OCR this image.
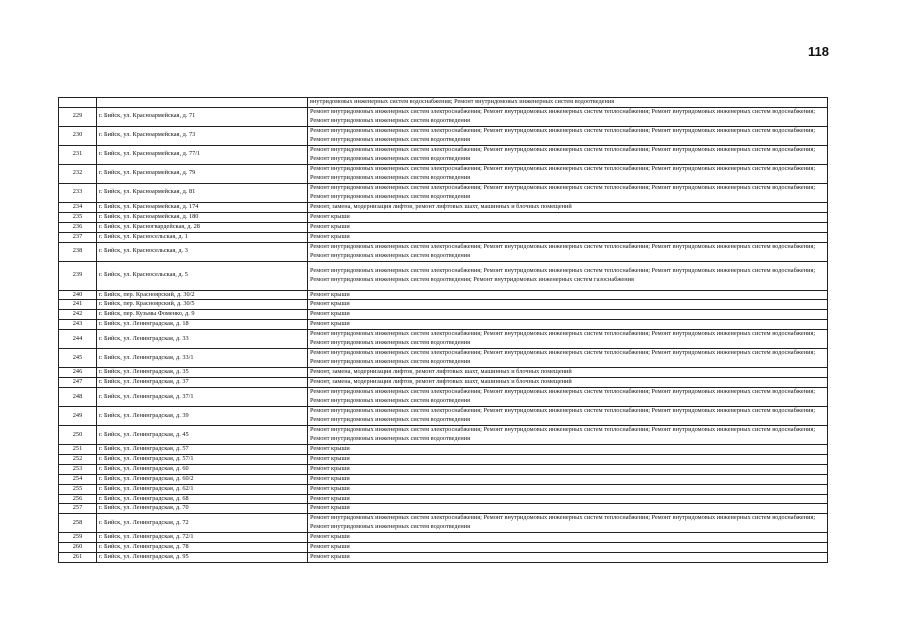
118
		внутридомовых инженерных систем водоснабжения; Ремонт внутридомовых инженерных систем водоотведения
229	г. Бийск, ул. Красноармейская, д. 71	Ремонт внутридомовых инженерных систем электроснабжения; Ремонт внутридомовых инженерных систем теплоснабжения; Ремонт внутридомовых инженерных систем водоснабжения; Ремонт внутридомовых инженерных систем водоотведения
230	г. Бийск, ул. Красноармейская, д. 73	Ремонт внутридомовых инженерных систем электроснабжения; Ремонт внутридомовых инженерных систем теплоснабжения; Ремонт внутридомовых инженерных систем водоснабжения; Ремонт внутридомовых инженерных систем водоотведения
231	г. Бийск, ул. Красноармейская, д. 77/1	Ремонт внутридомовых инженерных систем электроснабжения; Ремонт внутридомовых инженерных систем теплоснабжения; Ремонт внутридомовых инженерных систем водоснабжения; Ремонт внутридомовых инженерных систем водоотведения
232	г. Бийск, ул. Красноармейская, д. 79	Ремонт внутридомовых инженерных систем электроснабжения; Ремонт внутридомовых инженерных систем теплоснабжения; Ремонт внутридомовых инженерных систем водоснабжения; Ремонт внутридомовых инженерных систем водоотведения
233	г. Бийск, ул. Красноармейская, д. 81	Ремонт внутридомовых инженерных систем электроснабжения; Ремонт внутридомовых инженерных систем теплоснабжения; Ремонт внутридомовых инженерных систем водоснабжения; Ремонт внутридомовых инженерных систем водоотведения
234	г. Бийск, ул. Красноармейская, д. 174	Ремонт, замена, модернизация лифтов, ремонт лифтовых шахт, машинных и блочных помещений
235	г. Бийск, ул. Красноармейская, д. 180	Ремонт крыши
236	г. Бийск, ул. Красногвардейская, д. 28	Ремонт крыши
237	г. Бийск, ул. Красносельская, д. 1	Ремонт крыши
238	г. Бийск, ул. Красносельская, д. 3	Ремонт внутридомовых инженерных систем электроснабжения; Ремонт внутридомовых инженерных систем теплоснабжения; Ремонт внутридомовых инженерных систем водоснабжения; Ремонт внутридомовых инженерных систем водоотведения
239	г. Бийск, ул. Красносельская, д. 5	Ремонт внутридомовых инженерных систем электроснабжения; Ремонт внутридомовых инженерных систем теплоснабжения; Ремонт внутридомовых инженерных систем водоснабжения; Ремонт внутридомовых инженерных систем водоотведения; Ремонт внутридомовых инженерных систем газоснабжения
240	г. Бийск, пер. Красноярский, д. 30/2	Ремонт крыши
241	г. Бийск, пер. Красноярский, д. 30/5	Ремонт крыши
242	г. Бийск, пер. Кузьмы Фоменко, д. 9	Ремонт крыши
243	г. Бийск, ул. Ленинградская, д. 18	Ремонт крыши
244	г. Бийск, ул. Ленинградская, д. 33	Ремонт внутридомовых инженерных систем электроснабжения; Ремонт внутридомовых инженерных систем теплоснабжения; Ремонт внутридомовых инженерных систем водоснабжения; Ремонт внутридомовых инженерных систем водоотведения
245	г. Бийск, ул. Ленинградская, д. 33/1	Ремонт внутридомовых инженерных систем электроснабжения; Ремонт внутридомовых инженерных систем теплоснабжения; Ремонт внутридомовых инженерных систем водоснабжения; Ремонт внутридомовых инженерных систем водоотведения
246	г. Бийск, ул. Ленинградская, д. 35	Ремонт, замена, модернизация лифтов, ремонт лифтовых шахт, машинных и блочных помещений
247	г. Бийск, ул. Ленинградская, д. 37	Ремонт, замена, модернизация лифтов, ремонт лифтовых шахт, машинных и блочных помещений
248	г. Бийск, ул. Ленинградская, д. 37/1	Ремонт внутридомовых инженерных систем электроснабжения; Ремонт внутридомовых инженерных систем теплоснабжения; Ремонт внутридомовых инженерных систем водоснабжения; Ремонт внутридомовых инженерных систем водоотведения
249	г. Бийск, ул. Ленинградская, д. 39	Ремонт внутридомовых инженерных систем электроснабжения; Ремонт внутридомовых инженерных систем теплоснабжения; Ремонт внутридомовых инженерных систем водоснабжения; Ремонт внутридомовых инженерных систем водоотведения
250	г. Бийск, ул. Ленинградская, д. 45	Ремонт внутридомовых инженерных систем электроснабжения; Ремонт внутридомовых инженерных систем теплоснабжения; Ремонт внутридомовых инженерных систем водоснабжения; Ремонт внутридомовых инженерных систем водоотведения
251	г. Бийск, ул. Ленинградская, д. 57	Ремонт крыши
252	г. Бийск, ул. Ленинградская, д. 57/1	Ремонт крыши
253	г. Бийск, ул. Ленинградская, д. 60	Ремонт крыши
254	г. Бийск, ул. Ленинградская, д. 60/2	Ремонт крыши
255	г. Бийск, ул. Ленинградская, д. 62/1	Ремонт крыши
256	г. Бийск, ул. Ленинградская, д. 68	Ремонт крыши
257	г. Бийск, ул. Ленинградская, д. 70	Ремонт крыши
258	г. Бийск, ул. Ленинградская, д. 72	Ремонт внутридомовых инженерных систем электроснабжения; Ремонт внутридомовых инженерных систем теплоснабжения; Ремонт внутридомовых инженерных систем водоснабжения; Ремонт внутридомовых инженерных систем водоотведения
259	г. Бийск, ул. Ленинградская, д. 72/1	Ремонт крыши
260	г. Бийск, ул. Ленинградская, д. 78	Ремонт крыши
261	г. Бийск, ул. Ленинградская, д. 95	Ремонт крыши
